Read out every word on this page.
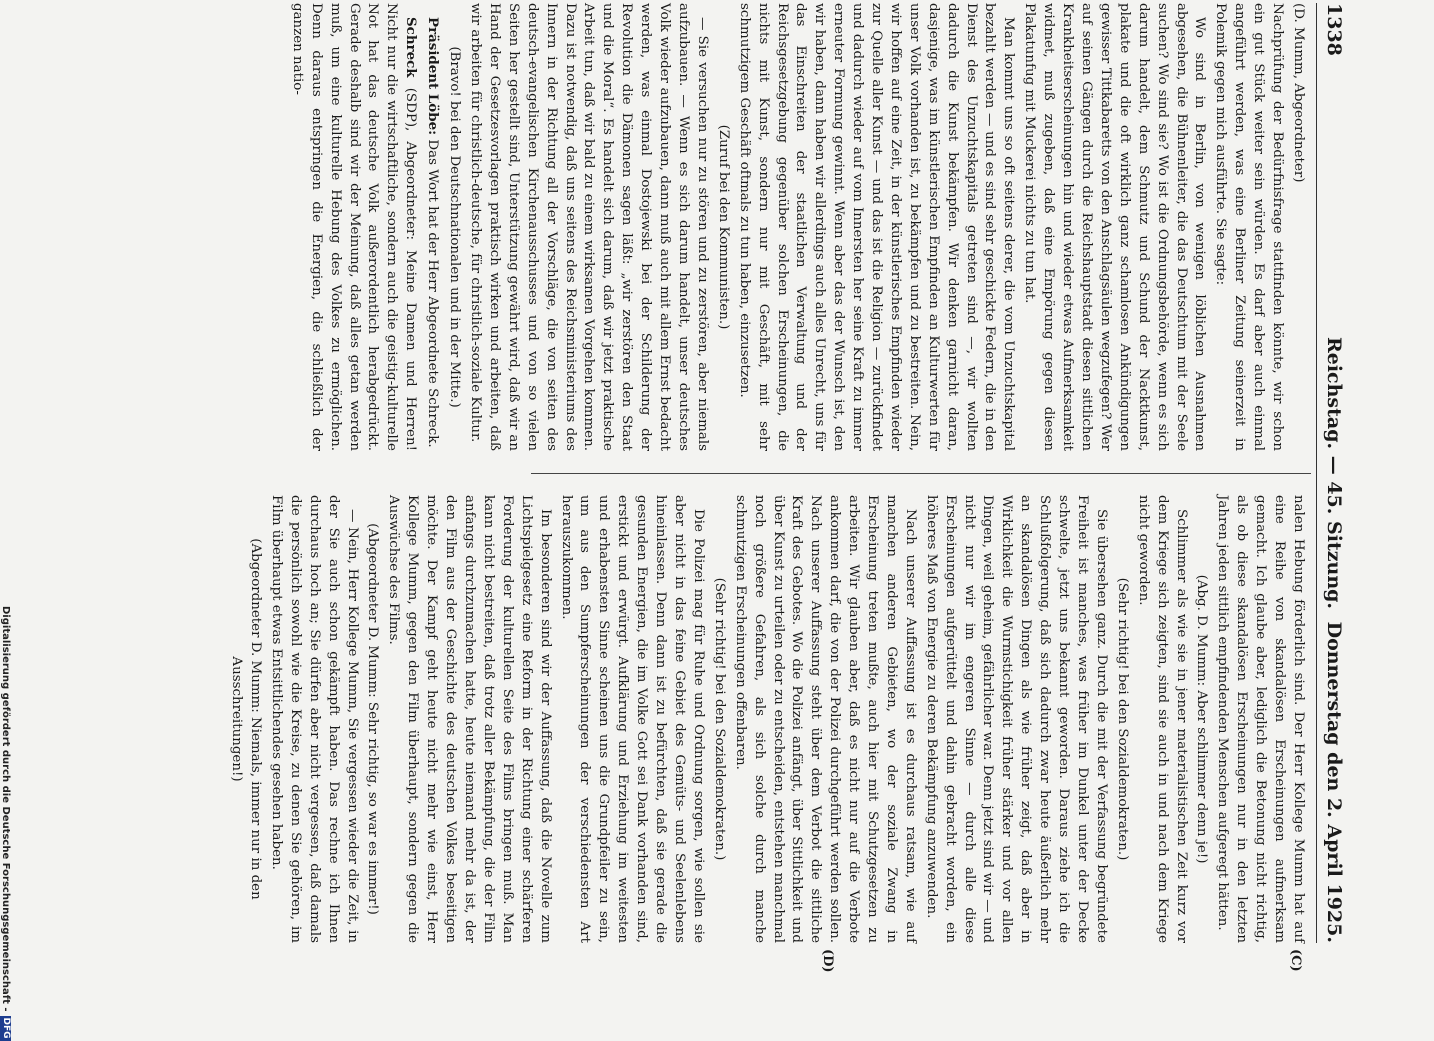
1338
Reichstag. — 45. Sitzung.
Donnerstag den 2. April 1925.
(C)
(D)

(D. Mumm, Abgeordneter)

Nachprüfung der Bedürfnisfrage stattfinden könnte, wir schon ein gut Stück weiter sein würden. Es darf aber auch einmal angeführt werden, was eine Berliner Zeitung seinerzeit in Polemik gegen mich ausführte. Sie sagte:

Wo sind in Berlin, von wenigen löblichen Ausnahmen abgesehen, die Bühnenleiter, die das Deutschtum mit der Seele suchen? Wo sind sie? Wo ist die Ordnungsbehörde, wenn es sich darum handelt, dem Schmutz und Schund der Nacktkunst, plakate und die oft wirklich ganz schamlosen Ankündigungen gewisser Tittkabaretts von den Anschlagsäulen wegzufegen? Wer auf seinen Gängen durch die Reichshauptstadt diesen sittlichen Krankheitserscheinungen hin und wieder etwas Aufmerksamkeit widmet, muß zugeben, daß eine Empörung gegen diesen Plakatunfug mit Muckerei nichts zu tun hat.

Man kommt uns so oft seitens derer, die vom Unzuchtskapital bezahlt werden — und es sind sehr geschickte Federn, die in den Dienst des Unzuchtskapitals getreten sind —, wir wollten dadurch die Kunst bekämpfen. Wir denken garnicht daran, dasjenige, was im künstlerischen Empfinden an Kulturwerten für unser Volk vorhanden ist, zu bekämpfen und zu bestreiten. Nein, wir hoffen auf eine Zeit, in der künstlerisches Empfinden wieder zur Quelle aller Kunst — und das ist die Religion — zurückfindet und dadurch wieder auf vom Innersten her seine Kraft zu immer erneuter Formung gewinnt. Wenn aber das der Wunsch ist, den wir haben, dann haben wir allerdings auch alles Unrecht, uns für das Einschreiten der staatlichen Verwaltung und der Reichsgesetzgebung gegenüber solchen Erscheinungen, die nichts mit Kunst, sondern nur mit Geschäft, mit sehr schmutzigem Geschäft oftmals zu tun haben, einzusetzen.

(Zuruf bei den Kommunisten.)

— Sie versuchen nur zu stören und zu zerstören, aber niemals aufzubauen. — Wenn es sich darum handelt, unser deutsches Volk wieder aufzubauen, dann muß auch mit allem Ernst bedacht werden, was einmal Dostojewski bei der Schilderung der Revolution die Dämonen sagen läßt: „wir zerstören den Staat und die Moral“. Es handelt sich darum, daß wir jetzt praktische Arbeit tun, daß wir bald zu einem wirksamen Vorgehen kommen. Dazu ist notwendig, daß uns seitens des Reichsministeriums des Innern in der Richtung all der Vorschläge, die von seiten des deutsch-evangelischen Kirchenausschusses und von so vielen Seiten her gestellt sind, Unterstützung gewährt wird, daß wir an Hand der Gesetzesvorlagen praktisch wirken und arbeiten, daß wir arbeiten für christlich-deutsche, für christlich-soziale Kultur.

(Bravo! bei den Deutschnationalen und in der Mitte.)

Präsident Löbe: Das Wort hat der Herr Abgeordnete Schreck.

Schreck (SDP), Abgeordneter: Meine Damen und Herren! Nicht nur die wirtschaftliche, sondern auch die geistig-kulturelle Not hat das deutsche Volk außerordentlich herabgedrückt. Gerade deshalb sind wir der Meinung, daß alles getan werden muß, um eine kulturelle Hebung des Volkes zu ermöglichen. Denn daraus entspringen die Energien, die schließlich der ganzen natio-

nalen Hebung förderlich sind. Der Herr Kollege Mumm hat auf eine Reihe von skandalösen Erscheinungen aufmerksam gemacht. Ich glaube aber, lediglich die Betonung nicht richtig, als ob diese skandalösen Erscheinungen nur in den letzten Jahren jeden sittlich empfindenden Menschen aufgeregt hätten.

(Abg. D. Mumm: Aber schlimmer denn je!)

Schlimmer als wie sie in jener materialistischen Zeit kurz vor dem Kriege sich zeigten, sind sie auch in und nach dem Kriege nicht geworden.

(Sehr richtig! bei den Sozialdemokraten.)

Sie übersehen ganz. Durch die mit der Verfassung begründete Freiheit ist manches, was früher im Dunkel unter der Decke schwelte, jetzt uns bekannt geworden. Daraus ziehe ich die Schlußfolgerung, daß sich dadurch zwar heute äußerlich mehr an skandalösen Dingen als wie früher zeigt, daß aber in Wirklichkeit die Wurmstichigkeit früher stärker und vor allen Dingen, weil geheim, gefährlicher war. Denn jetzt sind wir — und nicht nur wir im engeren Sinne — durch alle diese Erscheinungen aufgerüttelt und dahin gebracht worden, ein höheres Maß von Energie zu deren Bekämpfung anzuwenden.

Nach unserer Auffassung ist es durchaus ratsam, wie auf manchen anderen Gebieten, wo der soziale Zwang in Erscheinung treten mußte, auch hier mit Schutzgesetzen zu arbeiten. Wir glauben aber, daß es nicht nur auf die Verbote ankommen darf, die von der Polizei durchgeführt werden sollen. Nach unserer Auffassung steht über dem Verbot die sittliche Kraft des Gebotes. Wo die Polizei anfängt, über Sittlichkeit und über Kunst zu urteilen oder zu entscheiden, entstehen manchmal noch größere Gefahren, als sich solche durch manche schmutzigen Erscheinungen offenbaren.

(Sehr richtig! bei den Sozialdemokraten.)

Die Polizei mag für Ruhe und Ordnung sorgen, wie sollen sie aber nicht in das feine Gebiet des Gemüts- und Seelenlebens hineinlassen. Denn dann ist zu befürchten, daß sie gerade die gesunden Energien, die im Volke Gott sei Dank vorhanden sind, erstickt und erwürgt. Aufklärung und Erziehung im weitesten und erhabensten Sinne scheinen uns die Grundpfeiler zu sein, um aus den Sumpferscheinungen der verschiedensten Art herauszukommen.

Im besonderen sind wir der Auffassung, daß die Novelle zum Lichtspielgesetz eine Reform in der Richtung einer schärferen Forderung der kulturellen Seite des Films bringen muß. Man kann nicht bestreiten, daß trotz aller Bekämpfung, die der Film anfangs durchzumachen hatte, heute niemand mehr da ist, der den Film aus der Geschichte des deutschen Volkes beseitigen möchte. Der Kampf geht heute nicht mehr wie einst, Herr Kollege Mumm, gegen den Film überhaupt, sondern gegen die Auswüchse des Films.

(Abgeordneter D. Mumm: Sehr richtig, so war es immer!)

— Nein, Herr Kollege Mumm, Sie vergessen wieder die Zeit, in der Sie auch schon gekämpft haben. Das rechne ich Ihnen durchaus hoch an; Sie dürfen aber nicht vergessen, daß damals die persönlich sowohl wie die Kreise, zu denen Sie gehören, im Film überhaupt etwas Entsittlichendes gesehen haben.

(Abgeordneter D. Mumm: Niemals, immer nur in den Ausschreitungen!)

Digitalisierung gefördert durch die Deutsche Forschungsgemeinschaft -DFG
